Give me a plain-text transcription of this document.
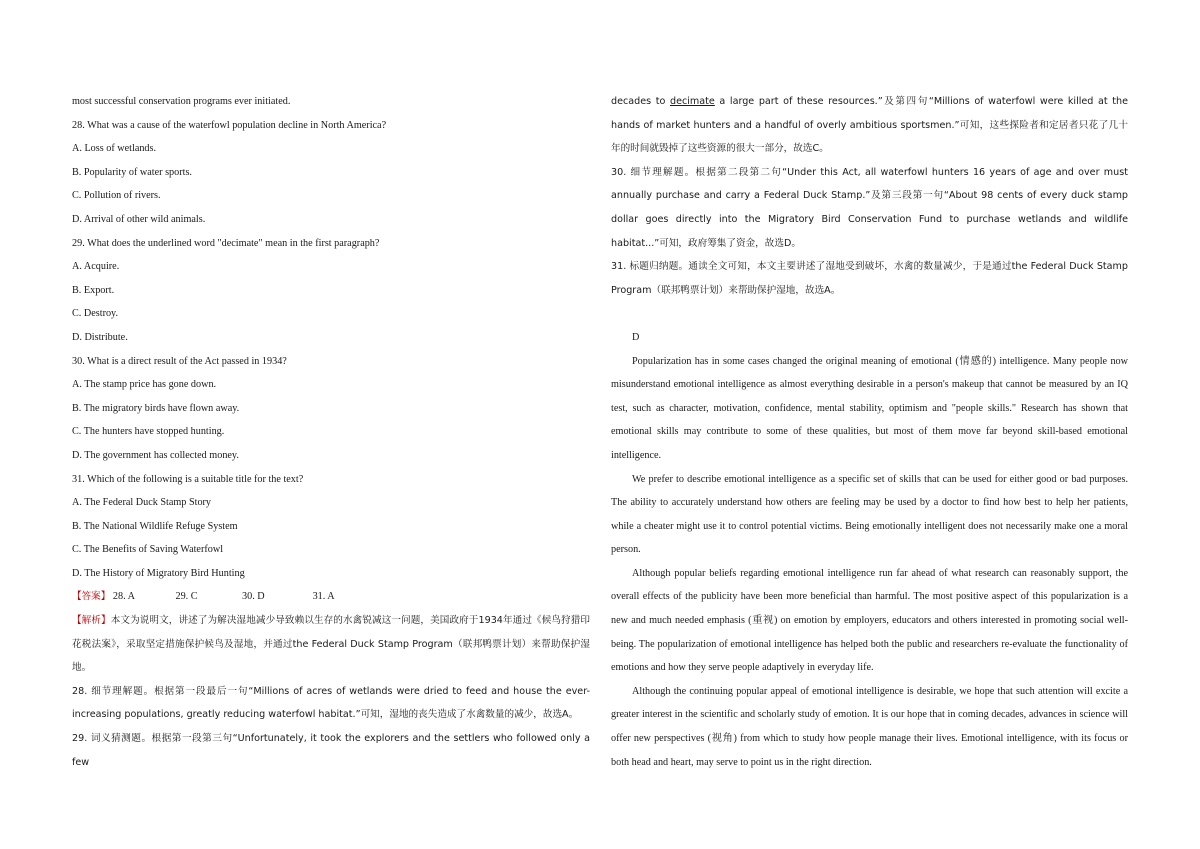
most successful conservation programs ever initiated.
28. What was a cause of the waterfowl population decline in North America?
A. Loss of wetlands.
B. Popularity of water sports.
C. Pollution of rivers.
D. Arrival of other wild animals.
29. What does the underlined word "decimate" mean in the first paragraph?
A. Acquire.
B. Export.
C. Destroy.
D. Distribute.
30. What is a direct result of the Act passed in 1934?
A. The stamp price has gone down.
B. The migratory birds have flown away.
C. The hunters have stopped hunting.
D. The government has collected money.
31. Which of the following is a suitable title for the text?
A. The Federal Duck Stamp Story
B. The National Wildlife Refuge System
C. The Benefits of Saving Waterfowl
D. The History of Migratory Bird Hunting
【答案】 28. A	29. C	30. D	31. A
【解析】本文为说明文，讲述了为解决湿地减少导致赖以生存的水禽锐减这一问题，美国政府于1934年通过《候鸟狩猎印花税法案》，采取坚定措施保护候鸟及湿地，并通过the Federal Duck Stamp Program（联邦鸭票计划）来帮助保护湿地。
28. 细节理解题。根据第一段最后一句“Millions of acres of wetlands were dried to feed and house the ever-increasing populations, greatly reducing waterfowl habitat.”可知，湿地的丧失造成了水禽数量的减少，故选A。
29. 词义猜测题。根据第一段第三句“Unfortunately, it took the explorers and the settlers who followed only a few
decades to decimate a large part of these resources.”及第四句“Millions of waterfowl were killed at the hands of market hunters and a handful of overly ambitious sportsmen.”可知，这些探险者和定居者只花了几十年的时间就毁掉了这些资源的很大一部分，故选C。
30. 细节理解题。根据第二段第二句“Under this Act, all waterfowl hunters 16 years of age and over must annually purchase and carry a Federal Duck Stamp.”及第三段第一句“About 98 cents of every duck stamp dollar goes directly into the Migratory Bird Conservation Fund to purchase wetlands and wildlife habitat...”可知，政府筹集了资金，故选D。
31. 标题归纳题。通读全文可知，本文主要讲述了湿地受到破坏，水禽的数量减少，于是通过the Federal Duck Stamp Program（联邦鸭票计划）来帮助保护湿地，故选A。
D
Popularization has in some cases changed the original meaning of emotional (情感的) intelligence. Many people now misunderstand emotional intelligence as almost everything desirable in a person's makeup that cannot be measured by an IQ test, such as character, motivation, confidence, mental stability, optimism and "people skills." Research has shown that emotional skills may contribute to some of these qualities, but most of them move far beyond skill-based emotional intelligence.
We prefer to describe emotional intelligence as a specific set of skills that can be used for either good or bad purposes. The ability to accurately understand how others are feeling may be used by a doctor to find how best to help her patients, while a cheater might use it to control potential victims. Being emotionally intelligent does not necessarily make one a moral person.
Although popular beliefs regarding emotional intelligence run far ahead of what research can reasonably support, the overall effects of the publicity have been more beneficial than harmful. The most positive aspect of this popularization is a new and much needed emphasis (重视) on emotion by employers, educators and others interested in promoting social well-being. The popularization of emotional intelligence has helped both the public and researchers re-evaluate the functionality of emotions and how they serve people adaptively in everyday life.
Although the continuing popular appeal of emotional intelligence is desirable, we hope that such attention will excite a greater interest in the scientific and scholarly study of emotion. It is our hope that in coming decades, advances in science will offer new perspectives (视角) from which to study how people manage their lives. Emotional intelligence, with its focus or both head and heart, may serve to point us in the right direction.
